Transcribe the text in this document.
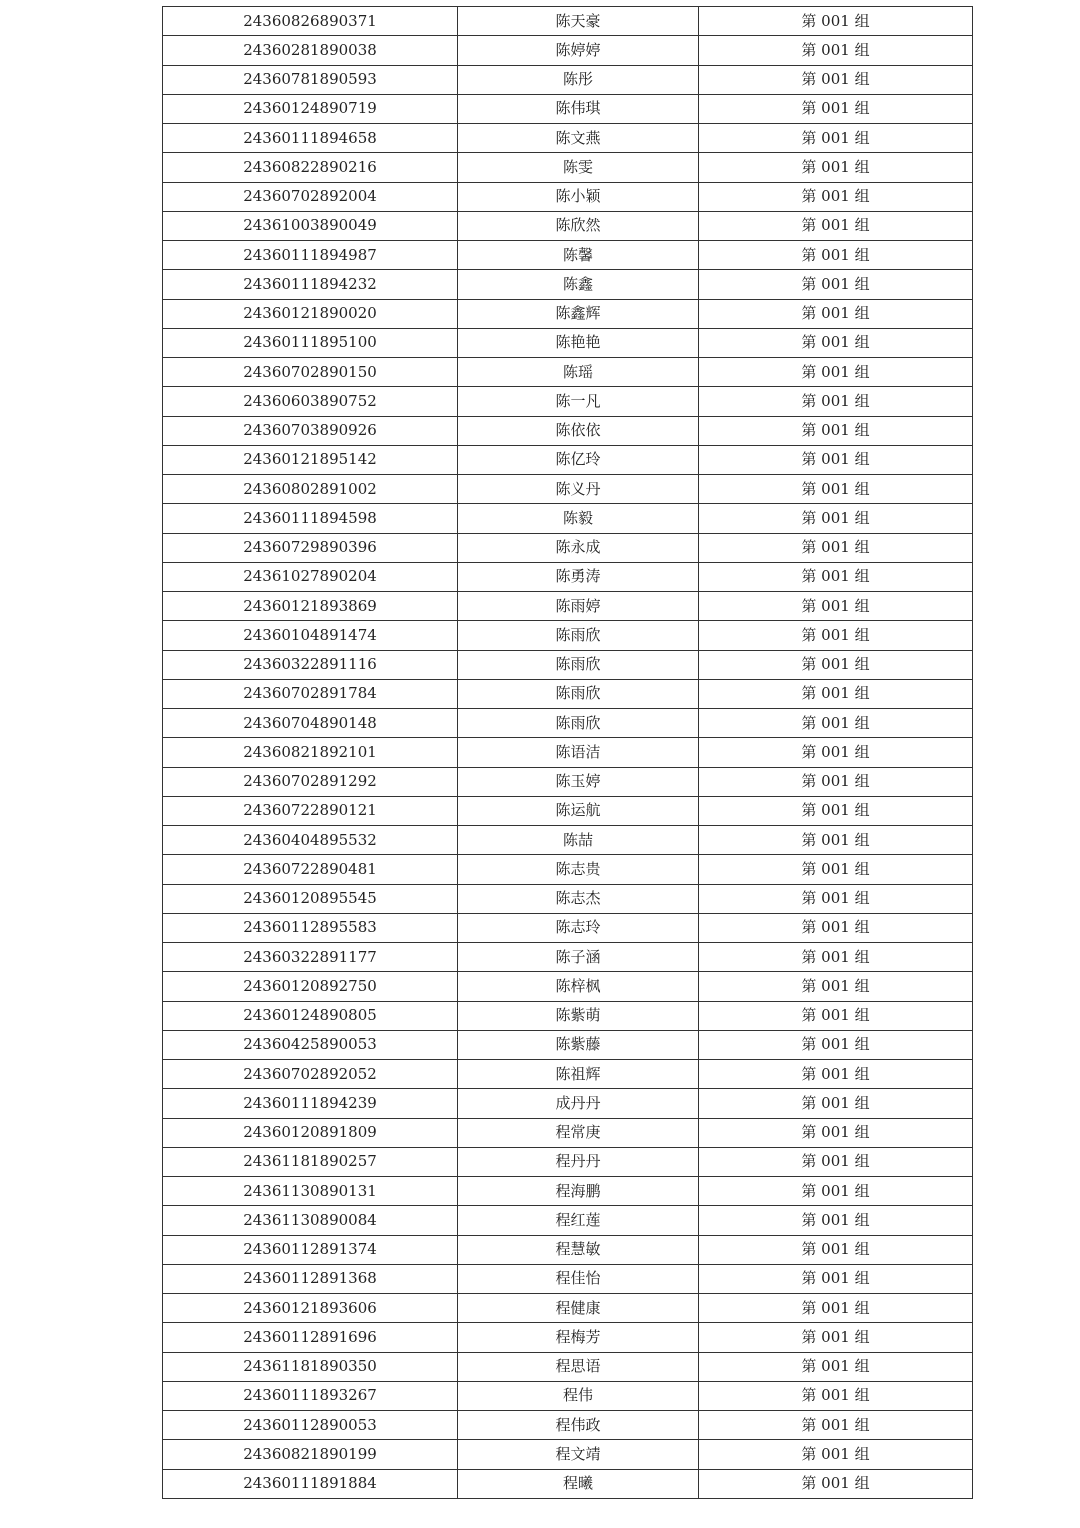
24360826890371	陈天豪	第 001 组
24360281890038	陈婷婷	第 001 组
24360781890593	陈彤	第 001 组
24360124890719	陈伟琪	第 001 组
24360111894658	陈文燕	第 001 组
24360822890216	陈雯	第 001 组
24360702892004	陈小颖	第 001 组
24361003890049	陈欣然	第 001 组
24360111894987	陈馨	第 001 组
24360111894232	陈鑫	第 001 组
24360121890020	陈鑫辉	第 001 组
24360111895100	陈艳艳	第 001 组
24360702890150	陈瑶	第 001 组
24360603890752	陈一凡	第 001 组
24360703890926	陈依依	第 001 组
24360121895142	陈亿玲	第 001 组
24360802891002	陈义丹	第 001 组
24360111894598	陈毅	第 001 组
24360729890396	陈永成	第 001 组
24361027890204	陈勇涛	第 001 组
24360121893869	陈雨婷	第 001 组
24360104891474	陈雨欣	第 001 组
24360322891116	陈雨欣	第 001 组
24360702891784	陈雨欣	第 001 组
24360704890148	陈雨欣	第 001 组
24360821892101	陈语洁	第 001 组
24360702891292	陈玉婷	第 001 组
24360722890121	陈运航	第 001 组
24360404895532	陈喆	第 001 组
24360722890481	陈志贵	第 001 组
24360120895545	陈志杰	第 001 组
24360112895583	陈志玲	第 001 组
24360322891177	陈子涵	第 001 组
24360120892750	陈梓枫	第 001 组
24360124890805	陈紫萌	第 001 组
24360425890053	陈紫藤	第 001 组
24360702892052	陈祖辉	第 001 组
24360111894239	成丹丹	第 001 组
24360120891809	程常庚	第 001 组
24361181890257	程丹丹	第 001 组
24361130890131	程海鹏	第 001 组
24361130890084	程红莲	第 001 组
24360112891374	程慧敏	第 001 组
24360112891368	程佳怡	第 001 组
24360121893606	程健康	第 001 组
24360112891696	程梅芳	第 001 组
24361181890350	程思语	第 001 组
24360111893267	程伟	第 001 组
24360112890053	程伟政	第 001 组
24360821890199	程文靖	第 001 组
24360111891884	程曦	第 001 组
